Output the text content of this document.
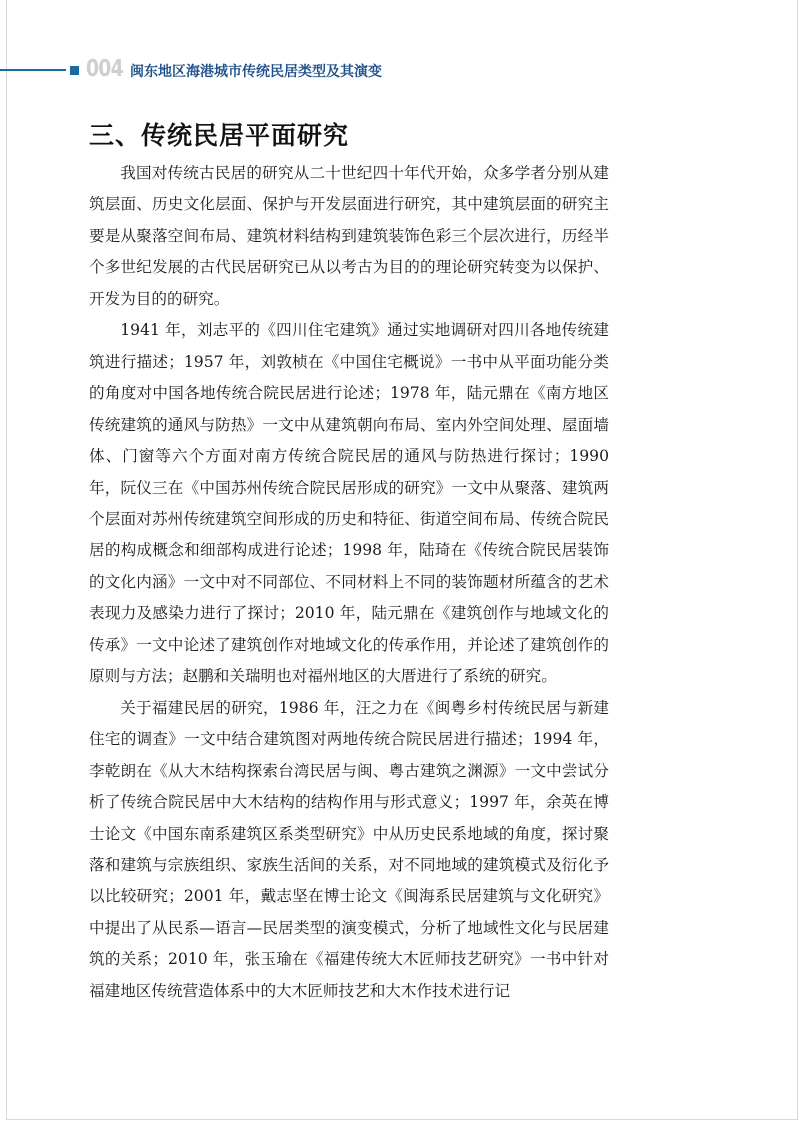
004 闽东地区海港城市传统民居类型及其演变
三、传统民居平面研究

我国对传统古民居的研究从二十世纪四十年代开始，众多学者分别从建筑层面、历史文化层面、保护与开发层面进行研究，其中建筑层面的研究主要是从聚落空间布局、建筑材料结构到建筑装饰色彩三个层次进行，历经半个多世纪发展的古代民居研究已从以考古为目的的理论研究转变为以保护、开发为目的的研究。

1941 年，刘志平的《四川住宅建筑》通过实地调研对四川各地传统建筑进行描述；1957 年，刘敦桢在《中国住宅概说》一书中从平面功能分类的角度对中国各地传统合院民居进行论述；1978 年，陆元鼎在《南方地区传统建筑的通风与防热》一文中从建筑朝向布局、室内外空间处理、屋面墙体、门窗等六个方面对南方传统合院民居的通风与防热进行探讨；1990 年，阮仪三在《中国苏州传统合院民居形成的研究》一文中从聚落、建筑两个层面对苏州传统建筑空间形成的历史和特征、街道空间布局、传统合院民居的构成概念和细部构成进行论述；1998 年，陆琦在《传统合院民居装饰的文化内涵》一文中对不同部位、不同材料上不同的装饰题材所蕴含的艺术表现力及感染力进行了探讨；2010 年，陆元鼎在《建筑创作与地域文化的传承》一文中论述了建筑创作对地域文化的传承作用，并论述了建筑创作的原则与方法；赵鹏和关瑞明也对福州地区的大厝进行了系统的研究。

关于福建民居的研究，1986 年，汪之力在《闽粤乡村传统民居与新建住宅的调查》一文中结合建筑图对两地传统合院民居进行描述；1994 年，李乾朗在《从大木结构探索台湾民居与闽、粤古建筑之渊源》一文中尝试分析了传统合院民居中大木结构的结构作用与形式意义；1997 年，余英在博士论文《中国东南系建筑区系类型研究》中从历史民系地域的角度，探讨聚落和建筑与宗族组织、家族生活间的关系，对不同地域的建筑模式及衍化予以比较研究；2001 年，戴志坚在博士论文《闽海系民居建筑与文化研究》中提出了从民系—语言—民居类型的演变模式，分析了地域性文化与民居建筑的关系；2010 年，张玉瑜在《福建传统大木匠师技艺研究》一书中针对福建地区传统营造体系中的大木匠师技艺和大木作技术进行记
